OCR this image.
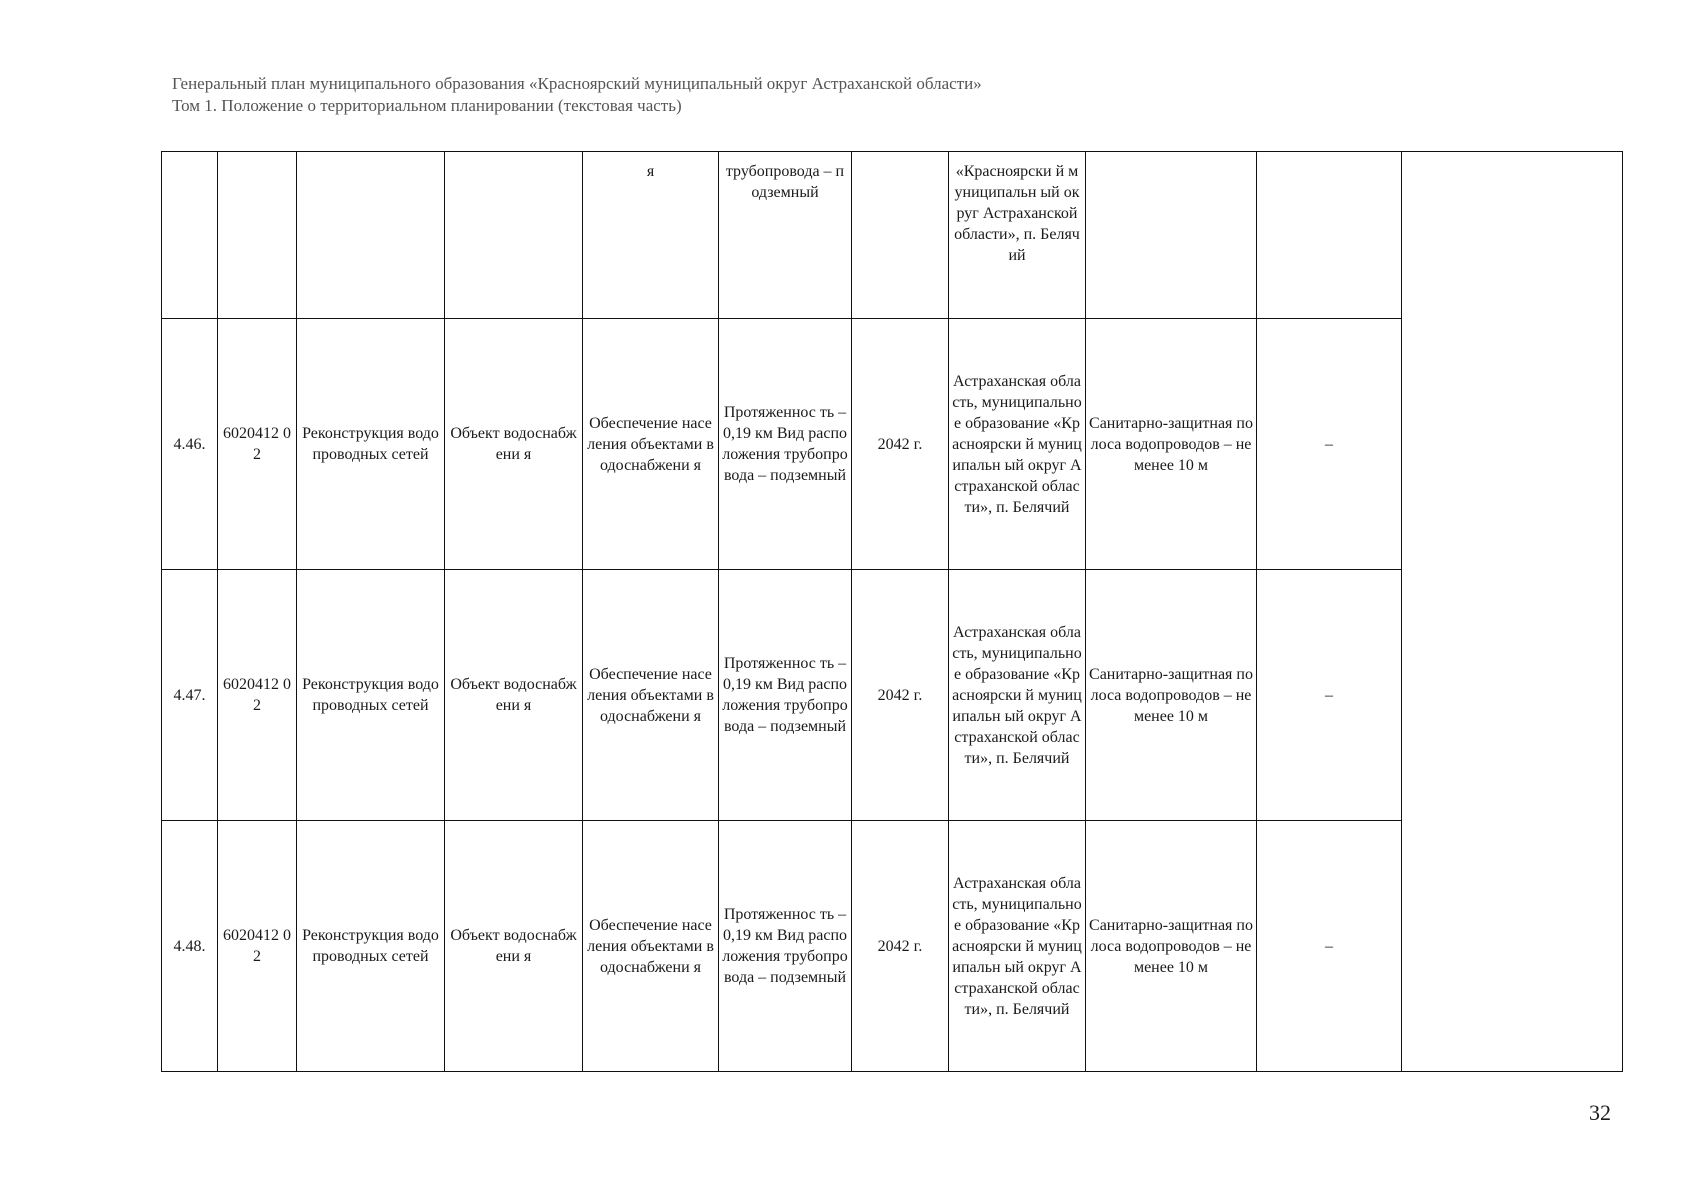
Генеральный план муниципального образования «Красноярский муниципальный округ Астраханской области»
Том 1. Положение о территориальном планировании (текстовая часть)
				я	трубопровода – подземный		«Красноярски й муниципальн ый округ Астраханской области», п. Белячий			
4.46.	6020412 02	Реконструкция водопроводных сетей	Объект водоснабжени я	Обеспечение населения объектами водоснабжени я	Протяженнос ть – 0,19 км Вид расположения трубопровода – подземный	2042 г.	Астраханская область, муниципально е образование «Красноярски й муниципальн ый округ Астраханской области», п. Белячий	Санитарно-защитная полоса водопроводов – не менее 10 м	–	
4.47.	6020412 02	Реконструкция водопроводных сетей	Объект водоснабжени я	Обеспечение населения объектами водоснабжени я	Протяженнос ть – 0,19 км Вид расположения трубопровода – подземный	2042 г.	Астраханская область, муниципально е образование «Красноярски й муниципальн ый округ Астраханской области», п. Белячий	Санитарно-защитная полоса водопроводов – не менее 10 м	–	
4.48.	6020412 02	Реконструкция водопроводных сетей	Объект водоснабжени я	Обеспечение населения объектами водоснабжени я	Протяженнос ть – 0,19 км Вид расположения трубопровода – подземный	2042 г.	Астраханская область, муниципально е образование «Красноярски й муниципальн ый округ Астраханской области», п. Белячий	Санитарно-защитная полоса водопроводов – не менее 10 м	–	
32
